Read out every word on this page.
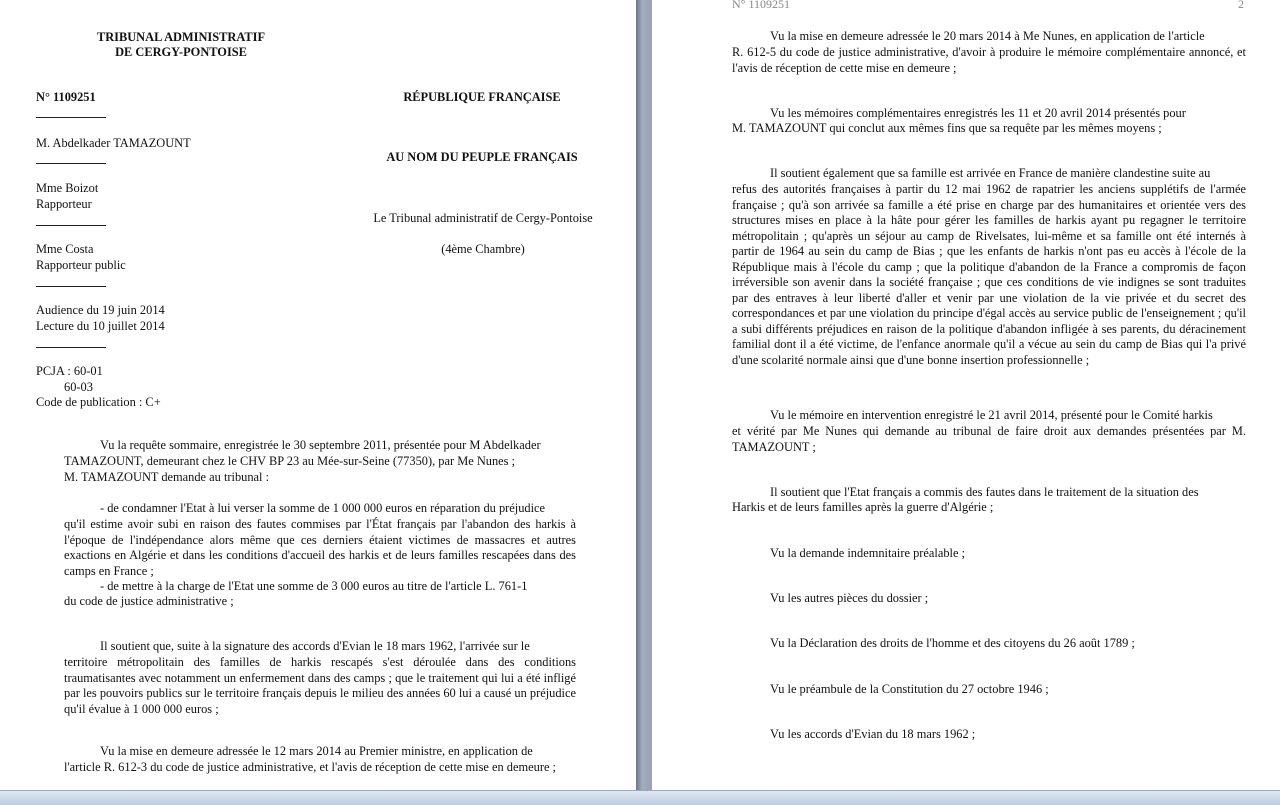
TRIBUNAL ADMINISTRATIF
DE CERGY-PONTOISE
N° 1109251	RÉPUBLIQUE FRANÇAISE
M. Abdelkader TAMAZOUNT
AU NOM DU PEUPLE FRANÇAIS
Mme Boizot
Rapporteur
Le Tribunal administratif de Cergy-Pontoise
Mme Costa	(4ème Chambre)
Rapporteur public
Audience du 19 juin 2014
Lecture du 10 juillet 2014
PCJA : 60-01
60-03
Code de publication : C+
Vu la requête sommaire, enregistrée le 30 septembre 2011, présentée pour M Abdelkader
TAMAZOUNT, demeurant chez le CHV BP 23 au Mée-sur-Seine (77350), par Me Nunes ;
M. TAMAZOUNT demande au tribunal :
- de condamner l'Etat à lui verser la somme de 1 000 000 euros en réparation du préjudice
qu'il estime avoir subi en raison des fautes commises par l'État français par l'abandon des harkis à l'époque de l'indépendance alors même que ces derniers étaient victimes de massacres et autres exactions en Algérie et dans les conditions d'accueil des harkis et de leurs familles rescapées dans des camps en France ;
- de mettre à la charge de l'Etat une somme de 3 000 euros au titre de l'article L. 761-1
du code de justice administrative ;
Il soutient que, suite à la signature des accords d'Evian le 18 mars 1962, l'arrivée sur le
territoire métropolitain des familles de harkis rescapés s'est déroulée dans des conditions traumatisantes avec notamment un enfermement dans des camps ; que le traitement qui lui a été infligé par les pouvoirs publics sur le territoire français depuis le milieu des années 60 lui a causé un préjudice qu'il évalue à 1 000 000 euros ;
Vu la mise en demeure adressée le 12 mars 2014 au Premier ministre, en application de
l'article R. 612-3 du code de justice administrative, et l'avis de réception de cette mise en demeure ;
N° 1109251	2
Vu la mise en demeure adressée le 20 mars 2014 à Me Nunes, en application de l'article
R. 612-5 du code de justice administrative, d'avoir à produire le mémoire complémentaire annoncé, et l'avis de réception de cette mise en demeure ;
Vu les mémoires complémentaires enregistrés les 11 et 20 avril 2014 présentés pour
M. TAMAZOUNT qui conclut aux mêmes fins que sa requête par les mêmes moyens ;
Il soutient également que sa famille est arrivée en France de manière clandestine suite au
refus des autorités françaises à partir du 12 mai 1962 de rapatrier les anciens supplétifs de l'armée française ; qu'à son arrivée sa famille a été prise en charge par des humanitaires et orientée vers des structures mises en place à la hâte pour gérer les familles de harkis ayant pu regagner le territoire métropolitain ; qu'après un séjour au camp de Rivelsates, lui-même et sa famille ont été internés à partir de 1964 au sein du camp de Bias ; que les enfants de harkis n'ont pas eu accès à l'école de la République mais à l'école du camp ; que la politique d'abandon de la France a compromis de façon irréversible son avenir dans la société française ; que ces conditions de vie indignes se sont traduites par des entraves à leur liberté d'aller et venir par une violation de la vie privée et du secret des correspondances et par une violation du principe d'égal accès au service public de l'enseignement ; qu'il a subi différents préjudices en raison de la politique d'abandon infligée à ses parents, du déracinement familial dont il a été victime, de l'enfance anormale qu'il a vécue au sein du camp de Bias qui l'a privé d'une scolarité normale ainsi que d'une bonne insertion professionnelle ;
Vu le mémoire en intervention enregistré le 21 avril 2014, présenté pour le Comité harkis
et vérité par Me Nunes qui demande au tribunal de faire droit aux demandes présentées par M. TAMAZOUNT ;
Il soutient que l'Etat français a commis des fautes dans le traitement de la situation des
Harkis et de leurs familles après la guerre d'Algérie ;
Vu la demande indemnitaire préalable ;
Vu les autres pièces du dossier ;
Vu la Déclaration des droits de l'homme et des citoyens du 26 août 1789 ;
Vu le préambule de la Constitution du 27 octobre 1946 ;
Vu les accords d'Evian du 18 mars 1962 ;
